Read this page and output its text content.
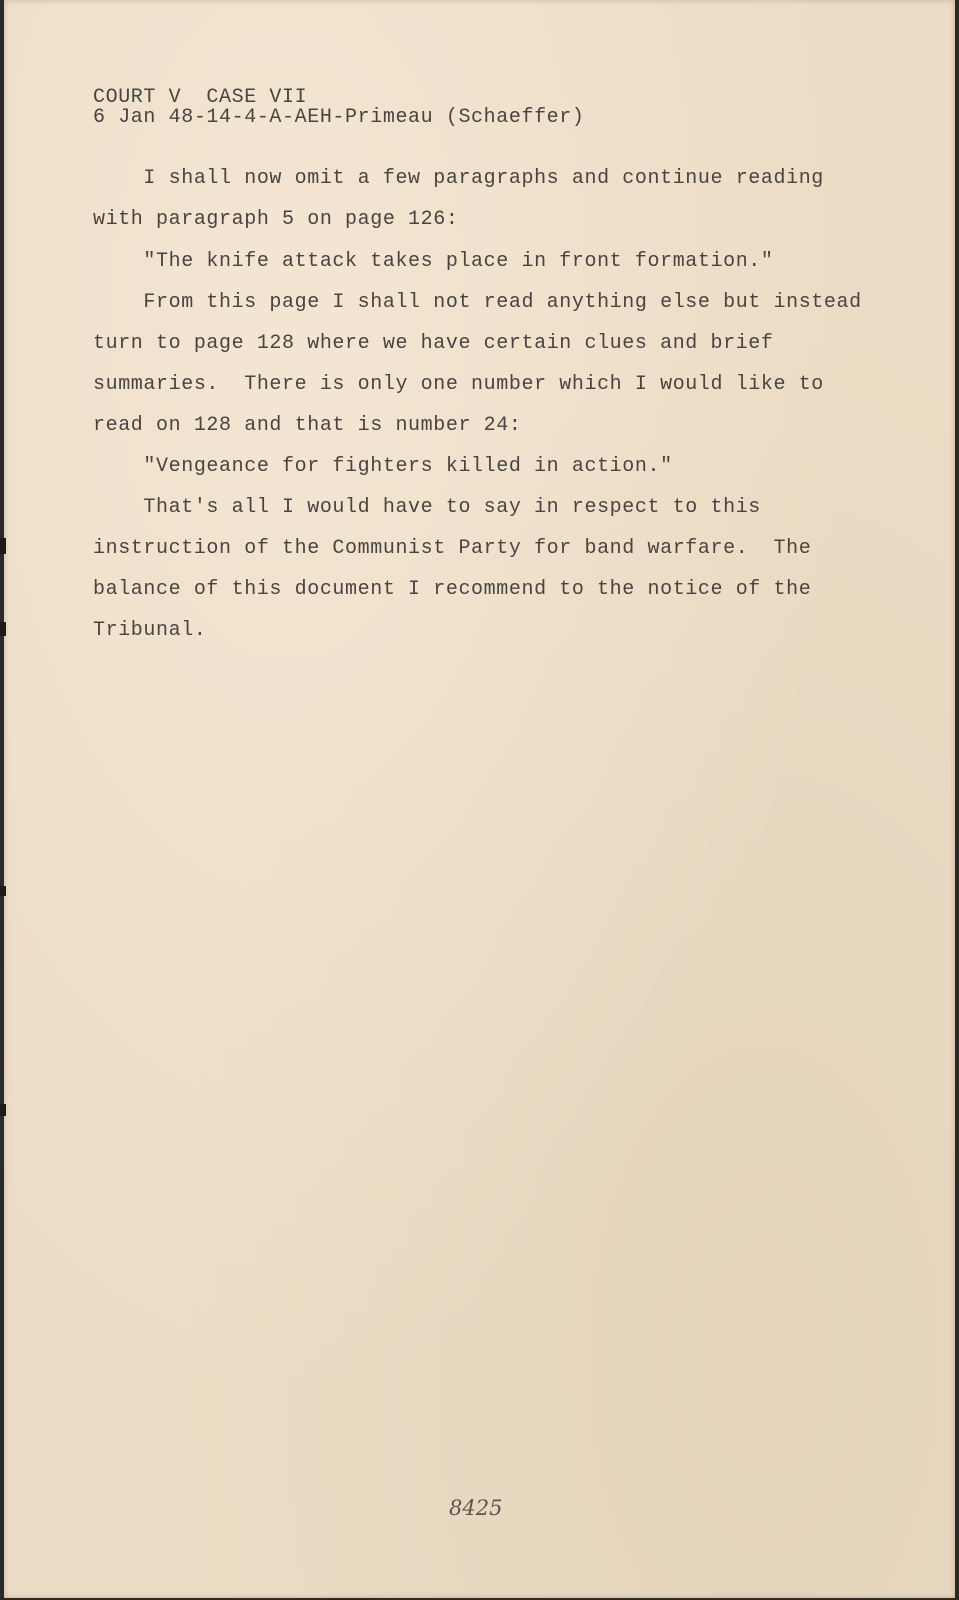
COURT V  CASE VII
6 Jan 48-14-4-A-AEH-Primeau (Schaeffer)
I shall now omit a few paragraphs and continue reading
with paragraph 5 on page 126:
"The knife attack takes place in front formation."
From this page I shall not read anything else but instead
turn to page 128 where we have certain clues and brief
summaries.  There is only one number which I would like to
read on 128 and that is number 24:
"Vengeance for fighters killed in action."
That's all I would have to say in respect to this
instruction of the Communist Party for band warfare.  The
balance of this document I recommend to the notice of the
Tribunal.
8425
